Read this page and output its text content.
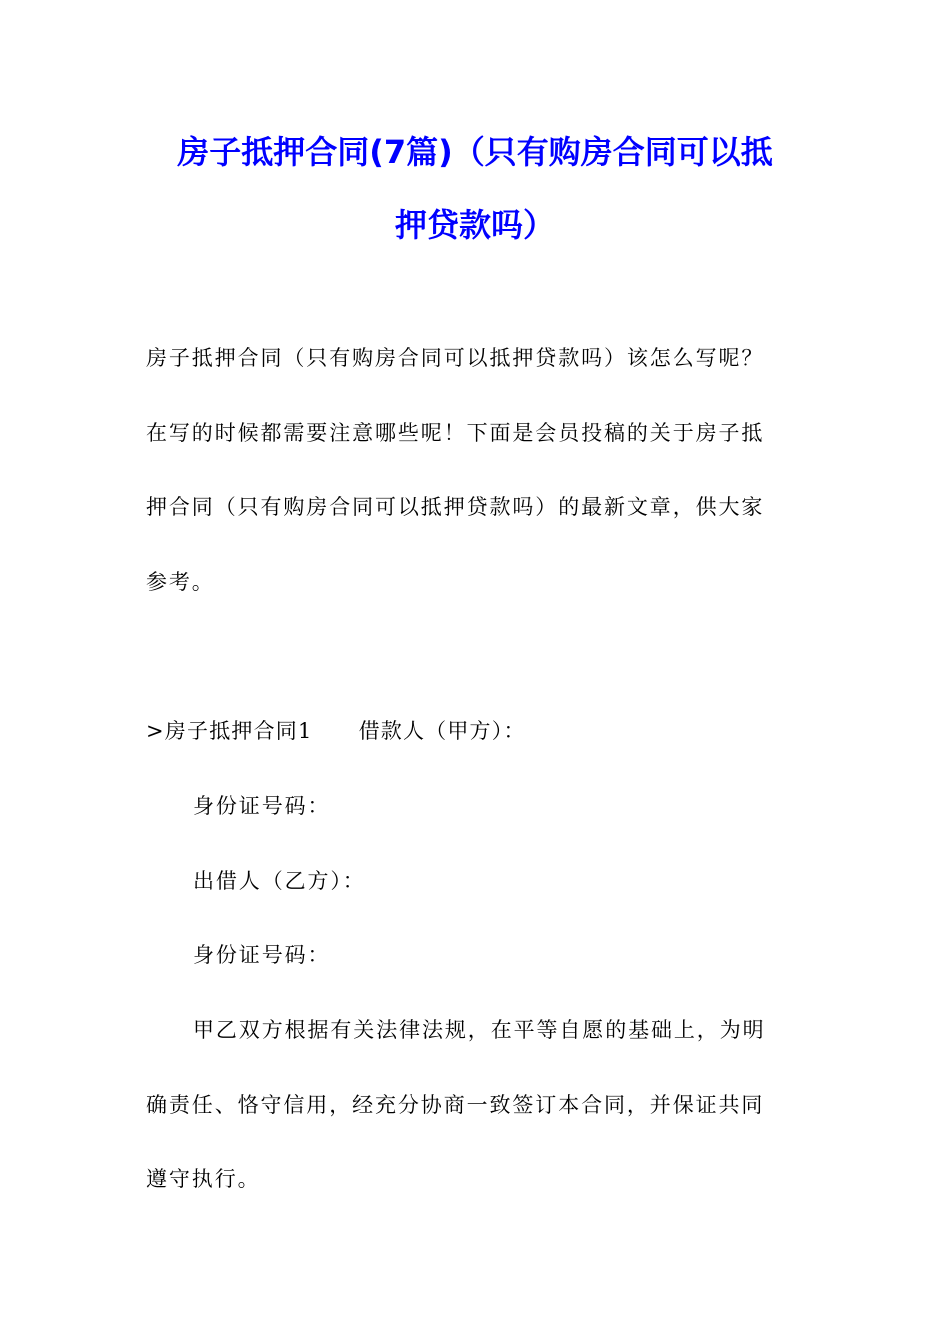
房子抵押合同(7篇)（只有购房合同可以抵
押贷款吗）

房子抵押合同（只有购房合同可以抵押贷款吗）该怎么写呢？

在写的时候都需要注意哪些呢！下面是会员投稿的关于房子抵

押合同（只有购房合同可以抵押贷款吗）的最新文章，供大家

参考。

>房子抵押合同1 借款人（甲方）：

身份证号码：

出借人（乙方）：

身份证号码：

甲乙双方根据有关法律法规，在平等自愿的基础上，为明

确责任、恪守信用，经充分协商一致签订本合同，并保证共同

遵守执行。
